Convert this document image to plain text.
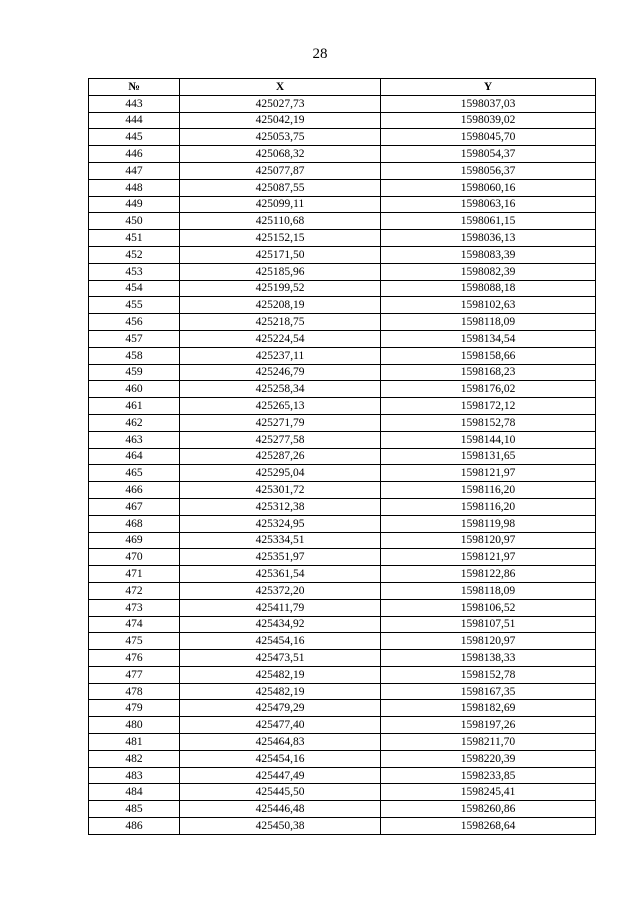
28
№	X	Y
443	425027,73	1598037,03
444	425042,19	1598039,02
445	425053,75	1598045,70
446	425068,32	1598054,37
447	425077,87	1598056,37
448	425087,55	1598060,16
449	425099,11	1598063,16
450	425110,68	1598061,15
451	425152,15	1598036,13
452	425171,50	1598083,39
453	425185,96	1598082,39
454	425199,52	1598088,18
455	425208,19	1598102,63
456	425218,75	1598118,09
457	425224,54	1598134,54
458	425237,11	1598158,66
459	425246,79	1598168,23
460	425258,34	1598176,02
461	425265,13	1598172,12
462	425271,79	1598152,78
463	425277,58	1598144,10
464	425287,26	1598131,65
465	425295,04	1598121,97
466	425301,72	1598116,20
467	425312,38	1598116,20
468	425324,95	1598119,98
469	425334,51	1598120,97
470	425351,97	1598121,97
471	425361,54	1598122,86
472	425372,20	1598118,09
473	425411,79	1598106,52
474	425434,92	1598107,51
475	425454,16	1598120,97
476	425473,51	1598138,33
477	425482,19	1598152,78
478	425482,19	1598167,35
479	425479,29	1598182,69
480	425477,40	1598197,26
481	425464,83	1598211,70
482	425454,16	1598220,39
483	425447,49	1598233,85
484	425445,50	1598245,41
485	425446,48	1598260,86
486	425450,38	1598268,64
